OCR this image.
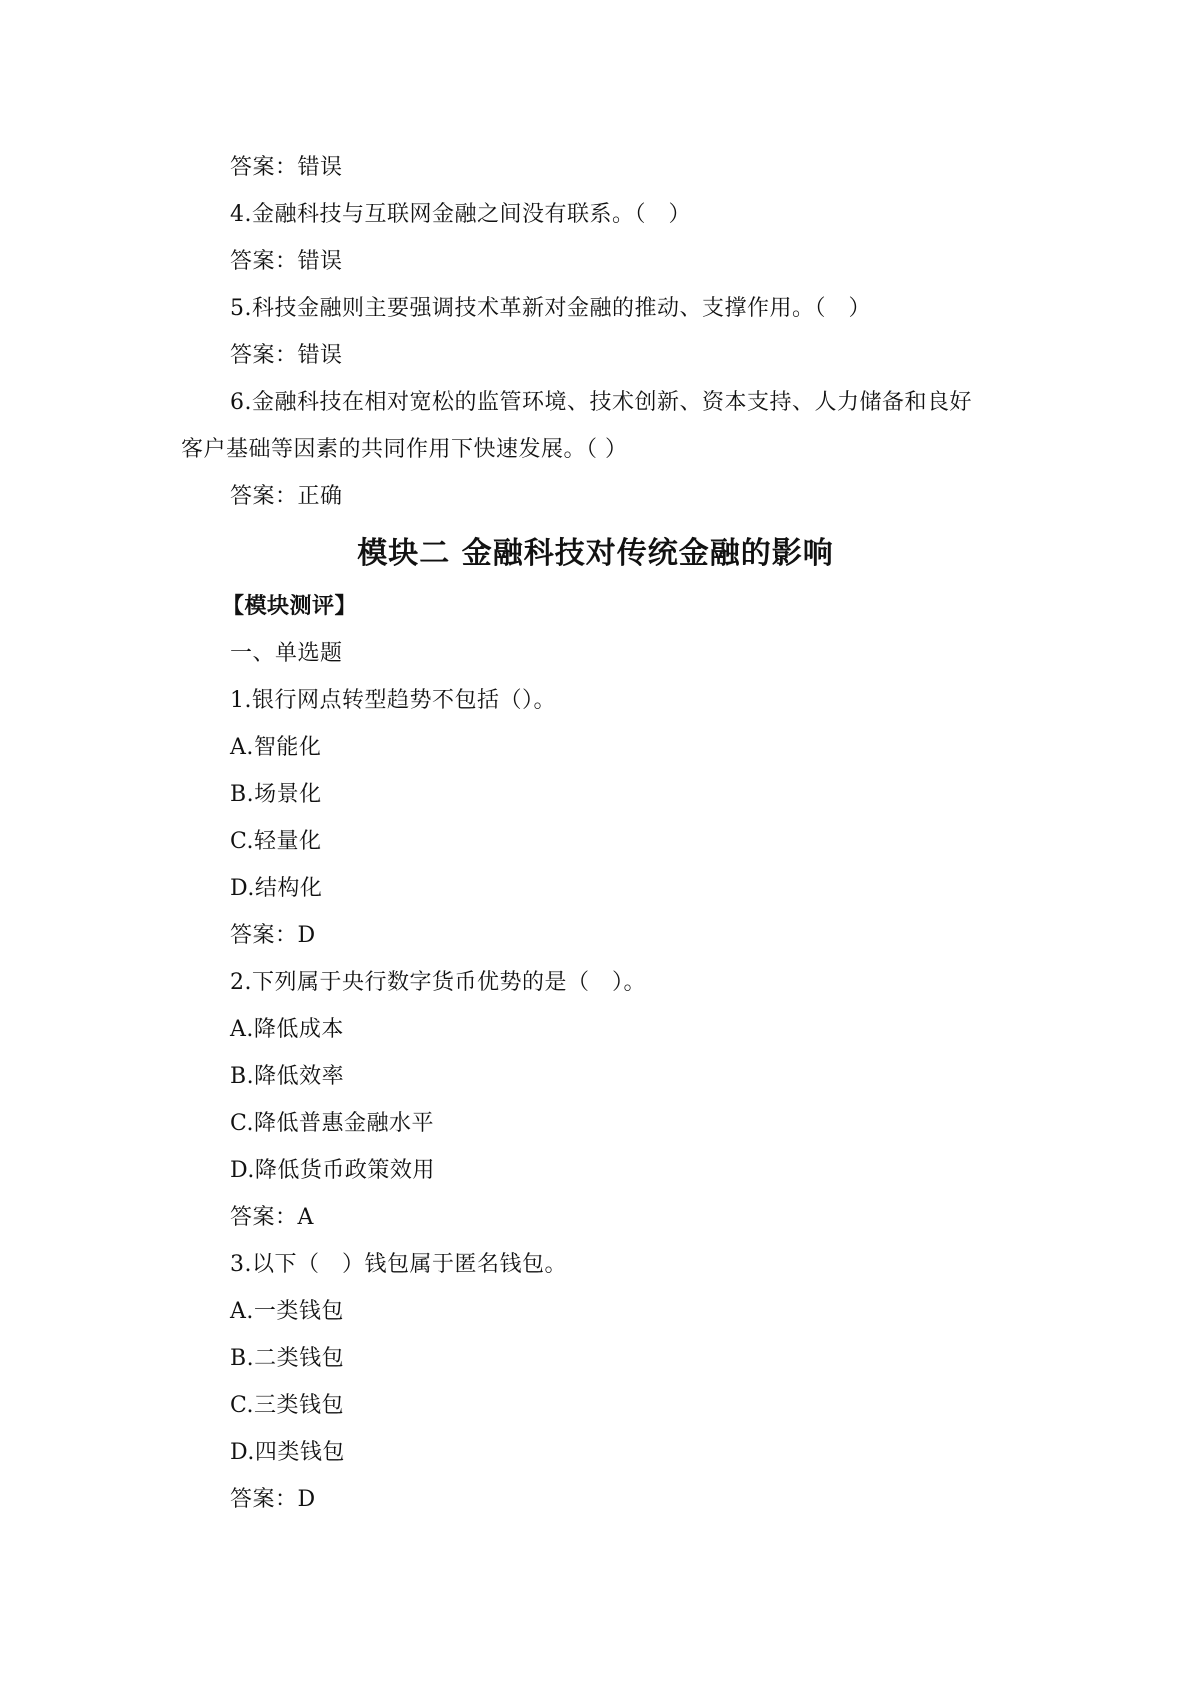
答案：错误
4.金融科技与互联网金融之间没有联系。（　）
答案：错误
5.科技金融则主要强调技术革新对金融的推动、支撑作用。（　）
答案：错误
6.金融科技在相对宽松的监管环境、技术创新、资本支持、人力储备和良好
客户基础等因素的共同作用下快速发展。（ ）
答案：正确
模块二 金融科技对传统金融的影响
【模块测评】
一、单选题
1.银行网点转型趋势不包括（）。
A.智能化
B.场景化
C.轻量化
D.结构化
答案：D
2.下列属于央行数字货币优势的是（　）。
A.降低成本
B.降低效率
C.降低普惠金融水平
D.降低货币政策效用
答案：A
3.以下（　）钱包属于匿名钱包。
A.一类钱包
B.二类钱包
C.三类钱包
D.四类钱包
答案：D
